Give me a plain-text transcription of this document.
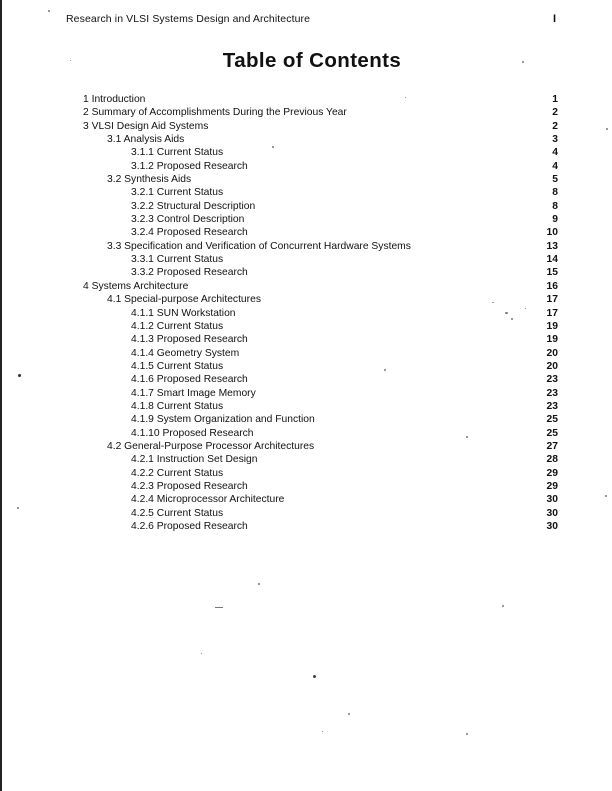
Research in VLSI Systems Design and Architecture	I
Table of Contents
1 Introduction	1
2 Summary of Accomplishments During the Previous Year	2
3 VLSI Design Aid Systems	2
3.1 Analysis Aids	3
3.1.1 Current Status	4
3.1.2 Proposed Research	4
3.2 Synthesis Aids	5
3.2.1 Current Status	8
3.2.2 Structural Description	8
3.2.3 Control Description	9
3.2.4 Proposed Research	10
3.3 Specification and Verification of Concurrent Hardware Systems	13
3.3.1 Current Status	14
3.3.2 Proposed Research	15
4 Systems Architecture	16
4.1 Special-purpose Architectures	17
4.1.1 SUN Workstation	17
4.1.2 Current Status	19
4.1.3 Proposed Research	19
4.1.4 Geometry System	20
4.1.5 Current Status	20
4.1.6 Proposed Research	23
4.1.7 Smart Image Memory	23
4.1.8 Current Status	23
4.1.9 System Organization and Function	25
4.1.10 Proposed Research	25
4.2 General-Purpose Processor Architectures	27
4.2.1 Instruction Set Design	28
4.2.2 Current Status	29
4.2.3 Proposed Research	29
4.2.4 Microprocessor Architecture	30
4.2.5 Current Status	30
4.2.6 Proposed Research	30
